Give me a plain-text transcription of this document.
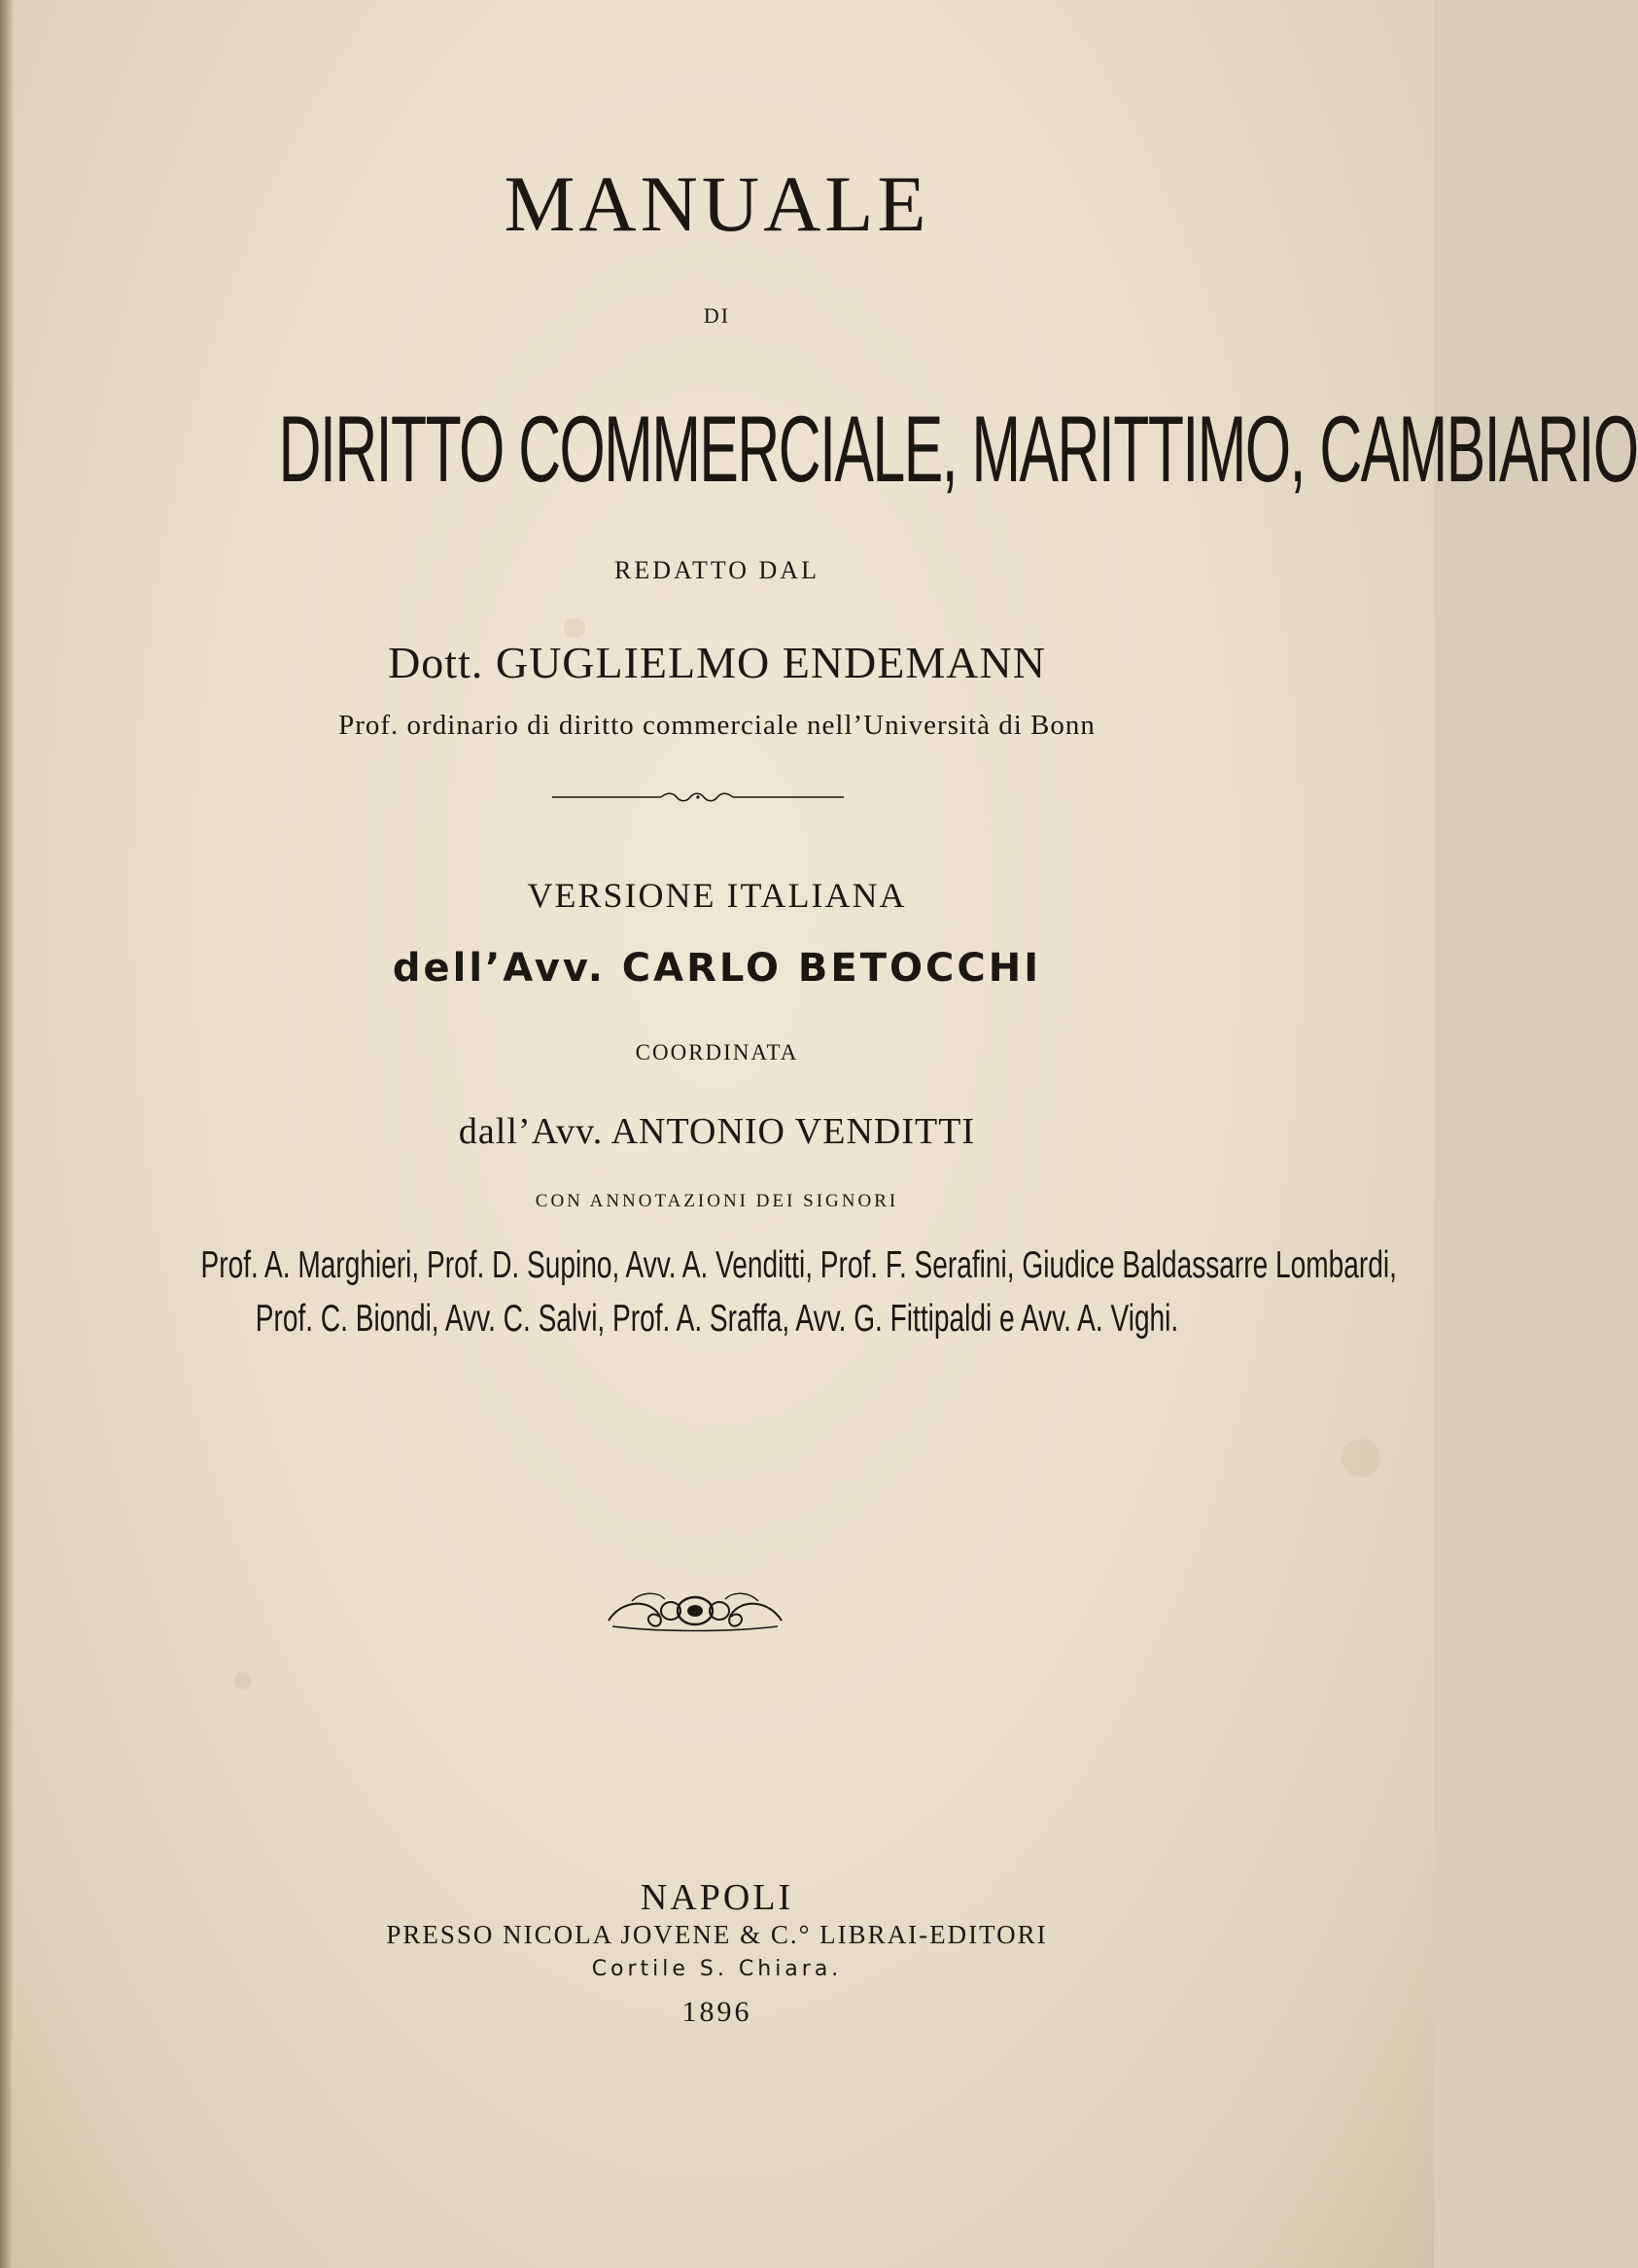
MANUALE
DI
DIRITTO COMMERCIALE, MARITTIMO, CAMBIARIO
REDATTO DAL
Dott. GUGLIELMO ENDEMANN
Prof. ordinario di diritto commerciale nell’Università di Bonn
VERSIONE ITALIANA
dell’Avv. CARLO BETOCCHI
COORDINATA
dall’Avv. ANTONIO VENDITTI
CON ANNOTAZIONI DEI SIGNORI
Prof. A. Marghieri, Prof. D. Supino, Avv. A. Venditti, Prof. F. Serafini, Giudice Baldassarre Lombardi,
Prof. C. Biondi, Avv. C. Salvi, Prof. A. Sraffa, Avv. G. Fittipaldi e Avv. A. Vighi.
NAPOLI
PRESSO NICOLA JOVENE & C.° LIBRAI-EDITORI
Cortile S. Chiara.
1896
